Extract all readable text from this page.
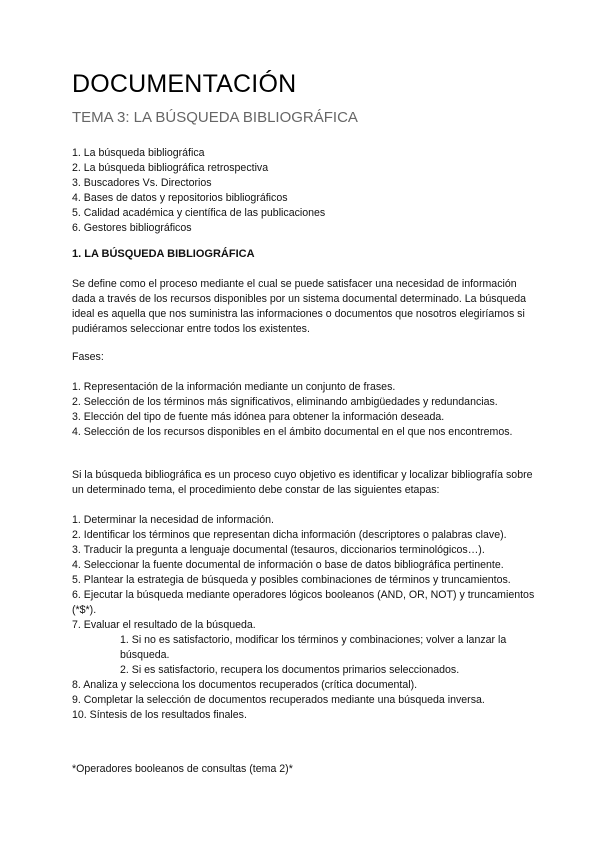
DOCUMENTACIÓN
TEMA 3: LA BÚSQUEDA BIBLIOGRÁFICA
1. La búsqueda bibliográfica
2. La búsqueda bibliográfica retrospectiva
3. Buscadores Vs. Directorios
4. Bases de datos y repositorios bibliográficos
5. Calidad académica y científica de las publicaciones
6. Gestores bibliográficos
1. LA BÚSQUEDA BIBLIOGRÁFICA

Se define como el proceso mediante el cual se puede satisfacer una necesidad de información dada a través de los recursos disponibles por un sistema documental determinado. La búsqueda ideal es aquella que nos suministra las informaciones o documentos que nosotros elegiríamos si pudiéramos seleccionar entre todos los existentes.

Fases:

1. Representación de la información mediante un conjunto de frases.
2. Selección de los términos más significativos, eliminando ambigüedades y redundancias.
3. Elección del tipo de fuente más idónea para obtener la información deseada.
4. Selección de los recursos disponibles en el ámbito documental en el que nos encontremos.

Si la búsqueda bibliográfica es un proceso cuyo objetivo es identificar y localizar bibliografía sobre un determinado tema, el procedimiento debe constar de las siguientes etapas:

1. Determinar la necesidad de información.
2. Identificar los términos que representan dicha información (descriptores o palabras clave).
3. Traducir la pregunta a lenguaje documental (tesauros, diccionarios terminológicos…).
4. Seleccionar la fuente documental de información o base de datos bibliográfica pertinente.
5. Plantear la estrategia de búsqueda y posibles combinaciones de términos y truncamientos.
6. Ejecutar la búsqueda mediante operadores lógicos booleanos (AND, OR, NOT) y truncamientos (*$*).
7. Evaluar el resultado de la búsqueda.
1. Si no es satisfactorio, modificar los términos y combinaciones; volver a lanzar la búsqueda.
2. Si es satisfactorio, recupera los documentos primarios seleccionados.
8. Analiza y selecciona los documentos recuperados (crítica documental).
9. Completar la selección de documentos recuperados mediante una búsqueda inversa.
10. Síntesis de los resultados finales.

*Operadores booleanos de consultas (tema 2)*
